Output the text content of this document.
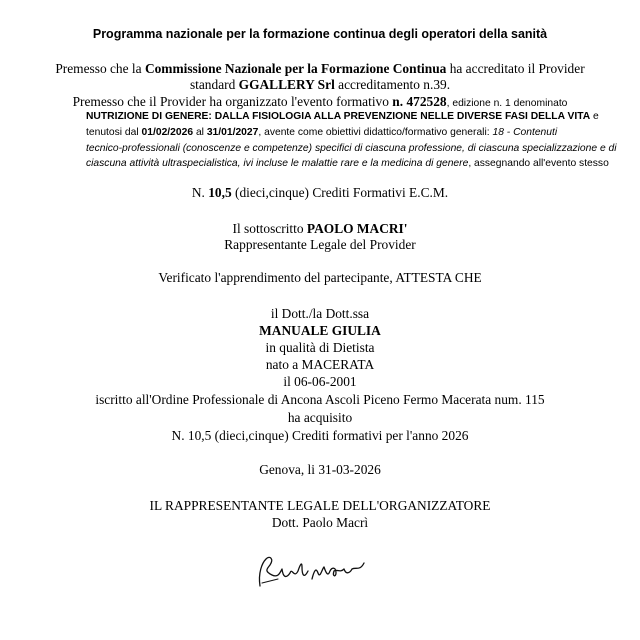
Programma nazionale per la formazione continua degli operatori della sanità
Premesso che la Commissione Nazionale per la Formazione Continua ha accreditato il Provider
standard GGALLERY Srl accreditamento n.39.
Premesso che il Provider ha organizzato l'evento formativo n. 472528, edizione n. 1 denominato
NUTRIZIONE DI GENERE: DALLA FISIOLOGIA ALLA PREVENZIONE NELLE DIVERSE FASI DELLA VITA e
tenutosi dal 01/02/2026 al 31/01/2027, avente come obiettivi didattico/formativo generali: 18 - Contenuti
tecnico-professionali (conoscenze e competenze) specifici di ciascuna professione, di ciascuna specializzazione e di
ciascuna attività ultraspecialistica, ivi incluse le malattie rare e la medicina di genere, assegnando all'evento stesso
N. 10,5 (dieci,cinque) Crediti Formativi E.C.M.
Il sottoscritto PAOLO MACRI'
Rappresentante Legale del Provider
Verificato l'apprendimento del partecipante, ATTESTA CHE
il Dott./la Dott.ssa
MANUALE GIULIA
in qualità di Dietista
nato a MACERATA
il 06-06-2001
iscritto all'Ordine Professionale di Ancona Ascoli Piceno Fermo Macerata num. 115
ha acquisito
N. 10,5 (dieci,cinque) Crediti formativi per l'anno 2026
Genova, li 31-03-2026
IL RAPPRESENTANTE LEGALE DELL'ORGANIZZATORE
Dott. Paolo Macrì
